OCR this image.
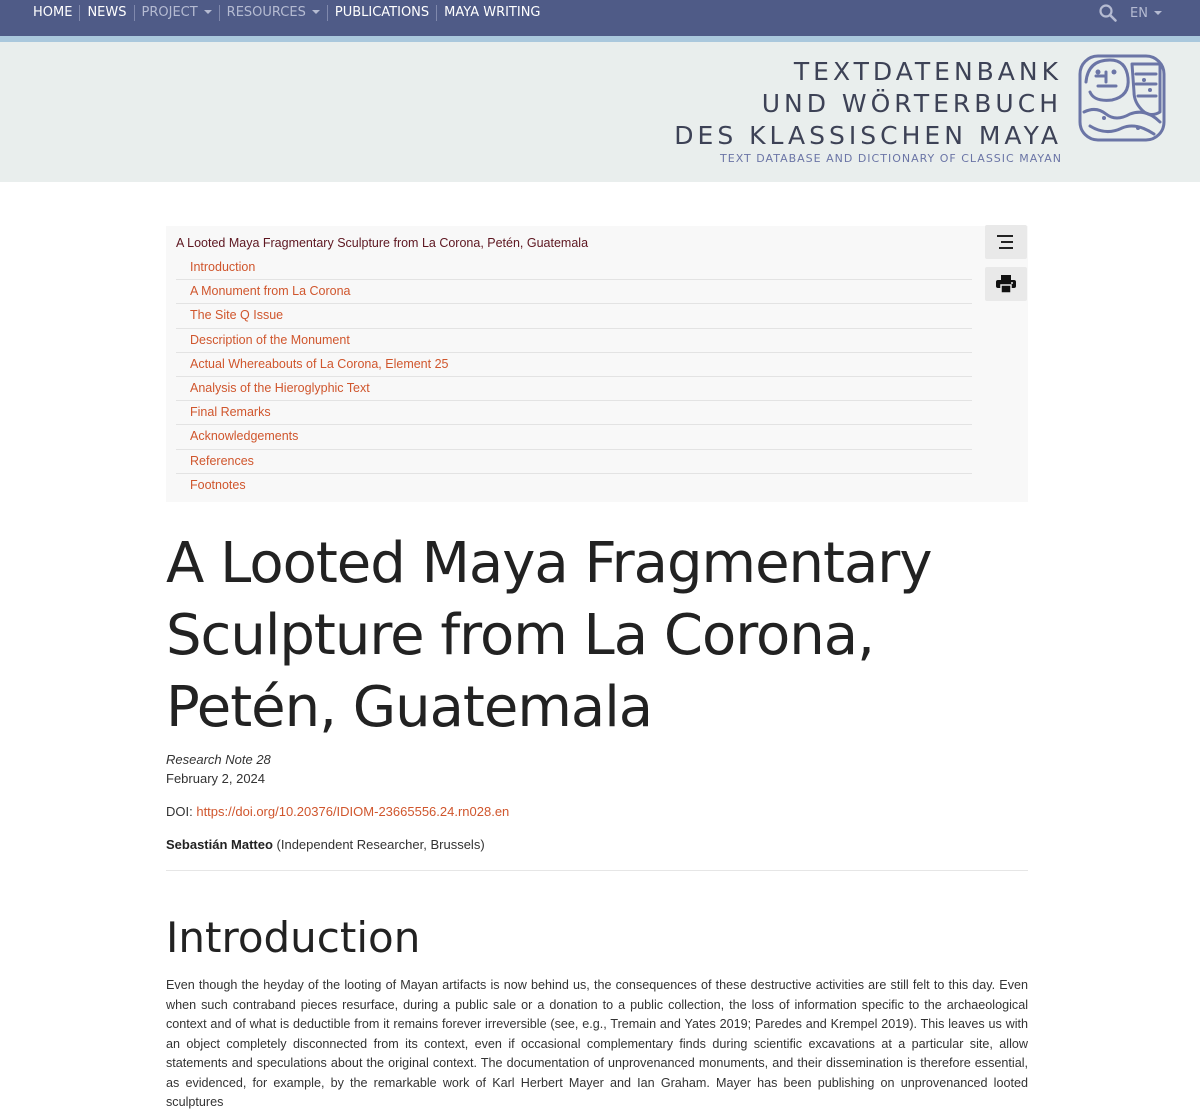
HOME	NEWS	PROJECT	RESOURCES	PUBLICATIONS	MAYA WRITING	EN
TEXTDATENBANK
UND WÖRTERBUCH
DES KLASSISCHEN MAYA
TEXT DATABASE AND DICTIONARY OF CLASSIC MAYAN
A Looted Maya Fragmentary Sculpture from La Corona, Petén, Guatemala
Introduction
A Monument from La Corona
The Site Q Issue
Description of the Monument
Actual Whereabouts of La Corona, Element 25
Analysis of the Hieroglyphic Text
Final Remarks
Acknowledgements
References
Footnotes
A Looted Maya Fragmentary Sculpture from La Corona, Petén, Guatemala
Research Note 28
February 2, 2024
DOI: https://doi.org/10.20376/IDIOM-23665556.24.rn028.en
Sebastián Matteo (Independent Researcher, Brussels)
Introduction

Even though the heyday of the looting of Mayan artifacts is now behind us, the consequences of these destructive activities are still felt to this day. Even when such contraband pieces resurface, during a public sale or a donation to a public collection, the loss of information specific to the archaeological context and of what is deductible from it remains forever irreversible (see, e.g., Tremain and Yates 2019; Paredes and Krempel 2019). This leaves us with an object completely disconnected from its context, even if occasional complementary finds during scientific excavations at a particular site, allow statements and speculations about the original context. The documentation of unprovenanced monuments, and their dissemination is therefore essential, as evidenced, for example, by the remarkable work of Karl Herbert Mayer and Ian Graham. Mayer has been publishing on unprovenanced looted sculptures
